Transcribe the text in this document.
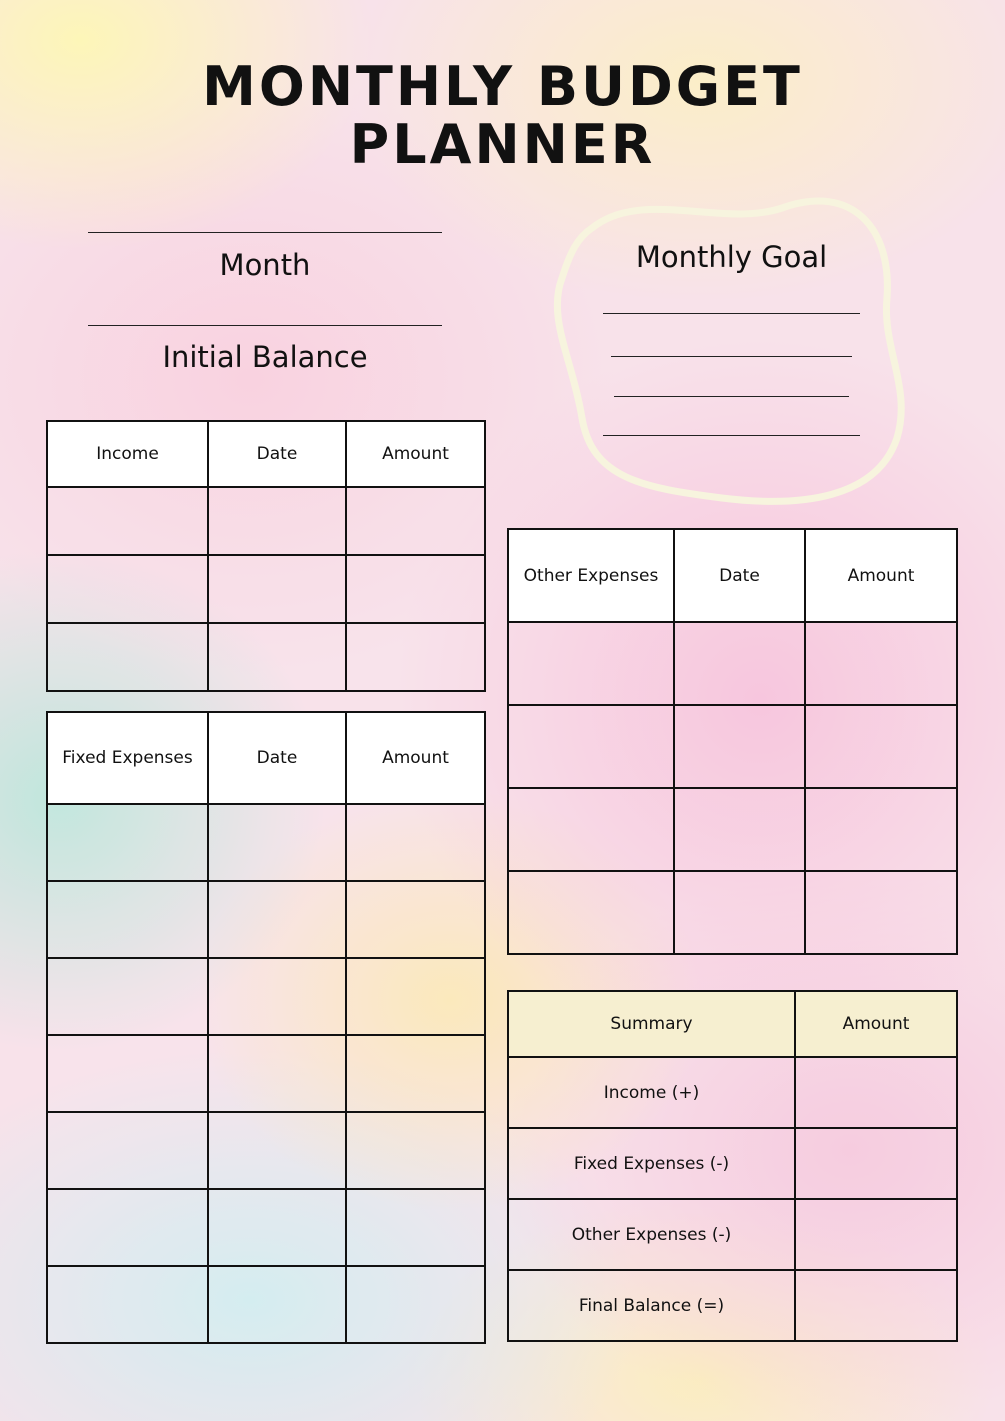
MONTHLY BUDGET
PLANNER
Month
Initial Balance
Monthly Goal
Income	Date	Amount

Fixed Expenses	Date	Amount

Other Expenses	Date	Amount

Summary	Amount
Income (+)	
Fixed Expenses (-)	
Other Expenses (-)	
Final Balance (=)	
